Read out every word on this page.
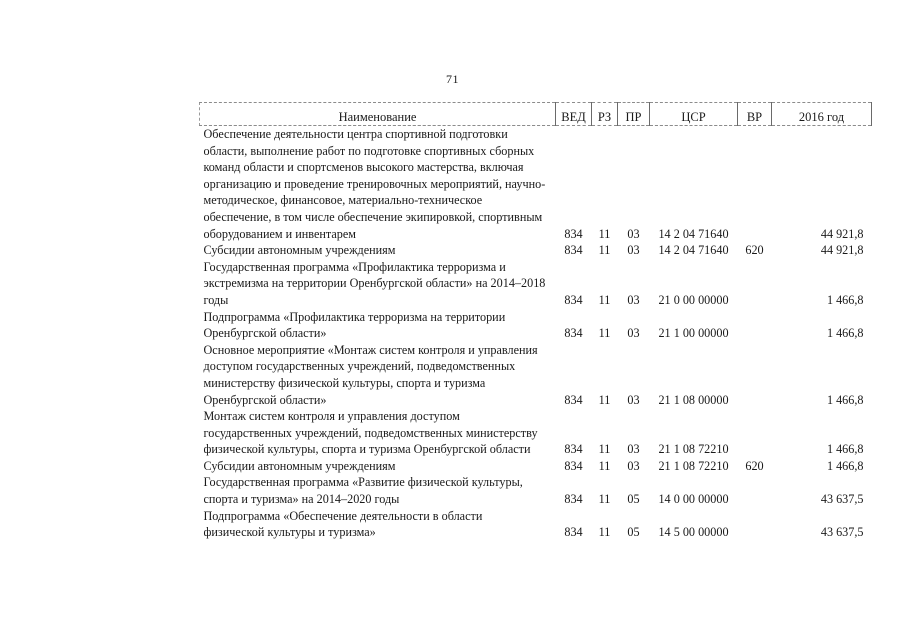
71
Наименование	ВЕД	РЗ	ПР	ЦСР	ВР	2016 год
Обеспечение деятельности центра спортивной подготовки области, выполнение работ по подготовке спортивных сборных команд области и спортсменов высокого мастерства, включая организацию и проведение тренировочных мероприятий, научно-методическое, финансовое, материально-техническое обеспечение, в том числе обеспечение экипировкой, спортивным оборудованием и инвентарем	834	11	03	14 2 04 71640		44 921,8
Субсидии автономным учреждениям	834	11	03	14 2 04 71640	620	44 921,8
Государственная программа «Профилактика терроризма и экстремизма на территории Оренбургской области» на 2014–2018 годы	834	11	03	21 0 00 00000		1 466,8
Подпрограмма «Профилактика терроризма на территории Оренбургской области»	834	11	03	21 1 00 00000		1 466,8
Основное мероприятие «Монтаж систем контроля и управления доступом государственных учреждений, подведомственных министерству физической культуры, спорта и туризма Оренбургской области»	834	11	03	21 1 08 00000		1 466,8
Монтаж систем контроля и управления доступом государственных учреждений, подведомственных министерству физической культуры, спорта и туризма Оренбургской области	834	11	03	21 1 08 72210		1 466,8
Субсидии автономным учреждениям	834	11	03	21 1 08 72210	620	1 466,8
Государственная программа «Развитие физической культуры, спорта и туризма» на 2014–2020 годы	834	11	05	14 0 00 00000		43 637,5
Подпрограмма «Обеспечение деятельности в области физической культуры и туризма»	834	11	05	14 5 00 00000		43 637,5
